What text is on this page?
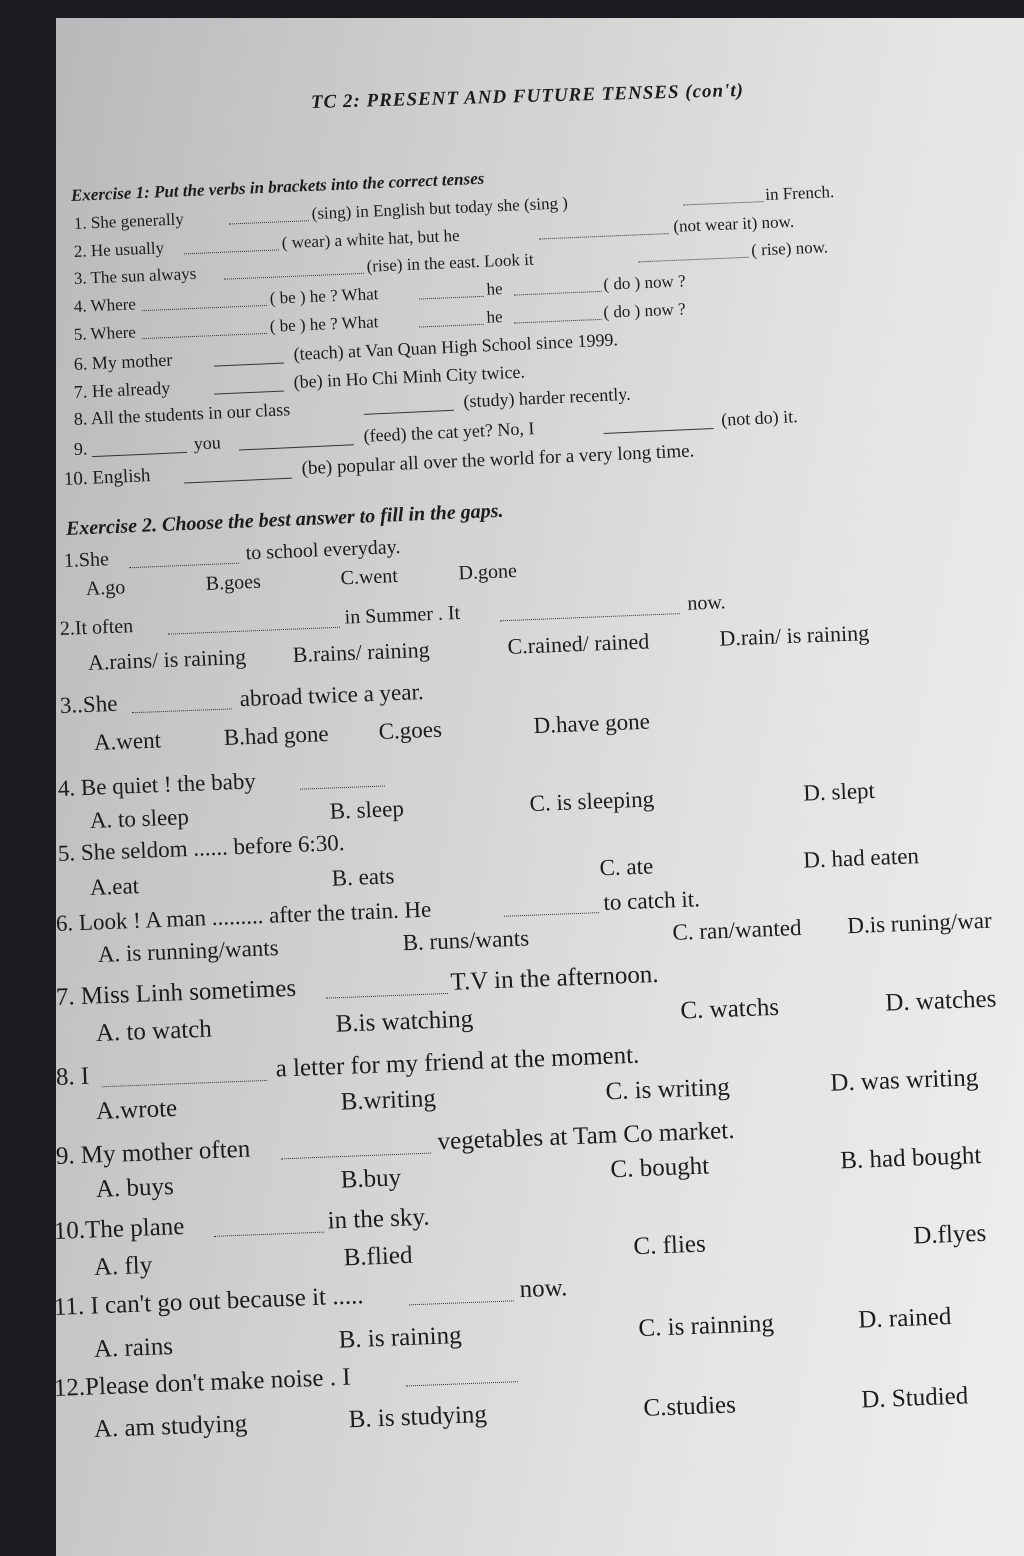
TC 2: PRESENT AND FUTURE TENSES (con't)
Exercise 1: Put the verbs in brackets into the correct tenses
1. She generally	(sing) in English but today she (sing )
in French.
2. He usually	( wear) a white hat, but he
(not wear it) now.
3. The sun always
(rise) in the east. Look it
( rise) now.
4. Where	( be ) he ? What	he	( do ) now ?
5. Where	( be ) he ? What	he	( do ) now ?
6. My mother	(teach) at Van Quan High School since 1999.
7. He already	(be) in Ho Chi Minh City twice.
8. All the students in our class
(study) harder recently.
9.	you	(feed) the cat yet? No, I
(not do) it.
10. English	(be) popular all over the world for a very long time.
Exercise 2. Choose the best answer to fill in the gaps.
1.She	to school everyday.
A.go	B.goes	C.went	D.gone
2.It often	in Summer . It	now.
A.rains/ is raining B.rains/ raining	C.rained/ rained	D.rain/ is raining
3..She	abroad twice a year.
A.went	B.had gone C.goes	D.have gone
4. Be quiet ! the baby
A. to sleep	B. sleep	C. is sleeping	D. slept
5. She seldom ...... before 6:30.
A.eat	B. eats	C. ate	D. had eaten
6. Look ! A man ......... after the train. He	to catch it.
A. is running/wants	B. runs/wants	C. ran/wanted D.is runing/war
7. Miss Linh sometimes	T.V in the afternoon.
A. to watch	B.is watching	C. watchs	D. watches
8. I	a letter for my friend at the moment.
A.wrote	B.writing	C. is writing	D. was writing
9. My mother often	vegetables at Tam Co market.
A. buys	B.buy	C. bought	B. had bought
10.The plane	in the sky.
A. fly	B.flied	C. flies	D.flyes
11. I can't go out because it .....	now.
A. rains	B. is raining	C. is rainning	D. rained
12.Please don't make noise . I
A. am studying	B. is studying	C.studies	D. Studied
